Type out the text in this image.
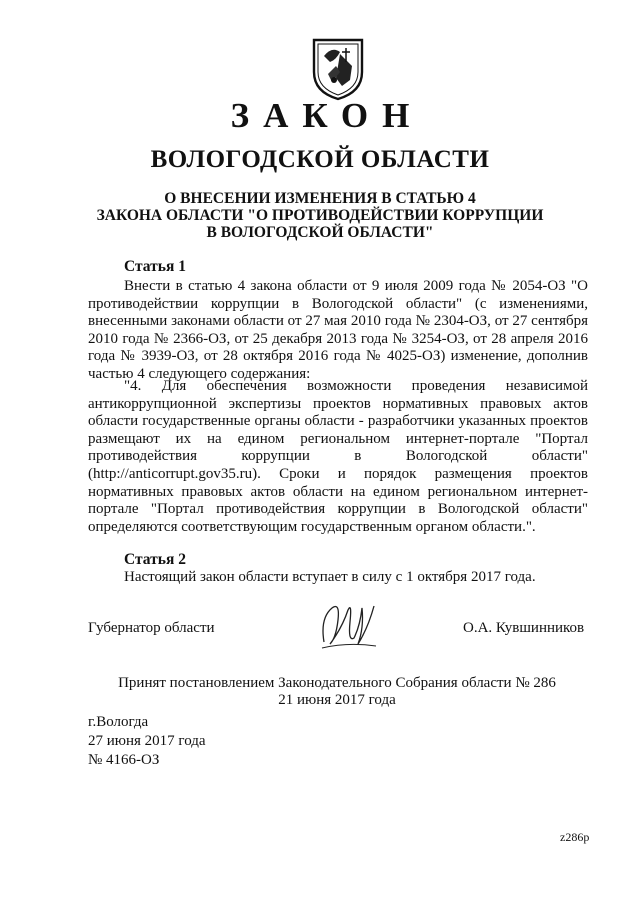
ЗАКОН
ВОЛОГОДСКОЙ ОБЛАСТИ
О ВНЕСЕНИИ ИЗМЕНЕНИЯ В СТАТЬЮ 4
ЗАКОНА ОБЛАСТИ "О ПРОТИВОДЕЙСТВИИ КОРРУПЦИИ
В ВОЛОГОДСКОЙ ОБЛАСТИ"
Статья 1
Внести в статью 4 закона области от 9 июля 2009 года № 2054-ОЗ "О противодействии коррупции в Вологодской области" (с изменениями, внесенными законами области от 27 мая 2010 года № 2304-ОЗ, от 27 сентября 2010 года № 2366-ОЗ, от 25 декабря 2013 года № 3254-ОЗ, от 28 апреля 2016 года № 3939-ОЗ, от 28 октября 2016 года № 4025-ОЗ) изменение, дополнив частью 4 следующего содержания:
"4. Для обеспечения возможности проведения независимой антикоррупционной экспертизы проектов нормативных правовых актов области государственные органы области - разработчики указанных проектов размещают их на едином региональном интернет-портале "Портал противодействия коррупции в Вологодской области" (http://anticorrupt.gov35.ru). Сроки и порядок размещения проектов нормативных правовых актов области на едином региональном интернет-портале "Портал противодействия коррупции в Вологодской области" определяются соответствующим государственным органом области.".
Статья 2
Настоящий закон области вступает в силу с 1 октября 2017 года.
Губернатор области	О.А. Кувшинников
Принят постановлением Законодательного Собрания области № 286
21 июня 2017 года
г.Вологда
27 июня 2017 года
№ 4166-ОЗ
z286p
